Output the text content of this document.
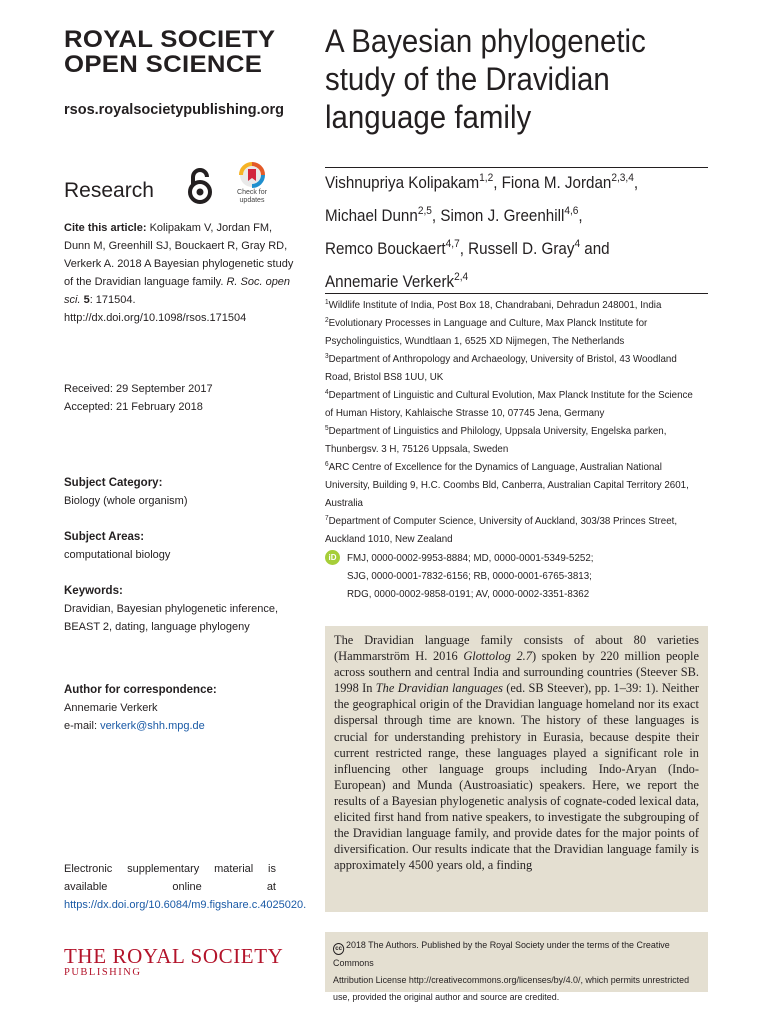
ROYAL SOCIETY
OPEN SCIENCE
rsos.royalsocietypublishing.org
Research	Check for
updates
Cite this article: Kolipakam V, Jordan FM, Dunn M, Greenhill SJ, Bouckaert R, Gray RD, Verkerk A. 2018 A Bayesian phylogenetic study of the Dravidian language family. R. Soc. open sci. 5: 171504.
http://dx.doi.org/10.1098/rsos.171504
Received: 29 September 2017
Accepted: 21 February 2018
Subject Category:
Biology (whole organism)
Subject Areas:
computational biology
Keywords:
Dravidian, Bayesian phylogenetic inference,
BEAST 2, dating, language phylogeny
Author for correspondence:
Annemarie Verkerk
e-mail: verkerk@shh.mpg.de
Electronic supplementary material is available online at https://dx.doi.org/10.6084/m9.figshare.c.4025020.
THE ROYAL SOCIETY
PUBLISHING
A Bayesian phylogenetic
study of the Dravidian
language family
Vishnupriya Kolipakam$^{1,2}$, Fiona M. Jordan$^{2,3,4}$,
Michael Dunn$^{2,5}$, Simon J. Greenhill$^{4,6}$,
Remco Bouckaert$^{4,7}$, Russell D. Gray$^4$ and
Annemarie Verkerk$^{2,4}$
$^1$Wildlife Institute of India, Post Box 18, Chandrabani, Dehradun 248001, India
$^2$Evolutionary Processes in Language and Culture, Max Planck Institute for
Psycholinguistics, Wundtlaan 1, 6525 XD Nijmegen, The Netherlands
$^3$Department of Anthropology and Archaeology, University of Bristol, 43 Woodland
Road, Bristol BS8 1UU, UK
$^4$Department of Linguistic and Cultural Evolution, Max Planck Institute for the Science
of Human History, Kahlaische Strasse 10, 07745 Jena, Germany
$^5$Department of Linguistics and Philology, Uppsala University, Engelska parken,
Thunbergsv. 3 H, 75126 Uppsala, Sweden
$^6$ARC Centre of Excellence for the Dynamics of Language, Australian National
University, Building 9, H.C. Coombs Bld, Canberra, Australian Capital Territory 2601,
Australia
$^7$Department of Computer Science, University of Auckland, 303/38 Princes Street,
Auckland 1010, New Zealand
iD	FMJ, 0000-0002-9953-8884; MD, 0000-0001-5349-5252;
SJG, 0000-0001-7832-6156; RB, 0000-0001-6765-3813;
RDG, 0000-0002-9858-0191; AV, 0000-0002-3351-8362

The Dravidian language family consists of about 80 varieties (Hammarström H. 2016 Glottolog 2.7) spoken by 220 million people across southern and central India and surrounding countries (Steever SB. 1998 In The Dravidian languages (ed. SB Steever), pp. 1–39: 1). Neither the geographical origin of the Dravidian language homeland nor its exact dispersal through time are known. The history of these languages is crucial for understanding prehistory in Eurasia, because despite their current restricted range, these languages played a significant role in influencing other language groups including Indo-Aryan (Indo-European) and Munda (Austroasiatic) speakers. Here, we report the results of a Bayesian phylogenetic analysis of cognate-coded lexical data, elicited first hand from native speakers, to investigate the subgrouping of the Dravidian language family, and provide dates for the major points of diversification. Our results indicate that the Dravidian language family is approximately 4500 years old, a finding

cc 2018 The Authors. Published by the Royal Society under the terms of the Creative Commons
Attribution License http://creativecommons.org/licenses/by/4.0/, which permits unrestricted
use, provided the original author and source are credited.
